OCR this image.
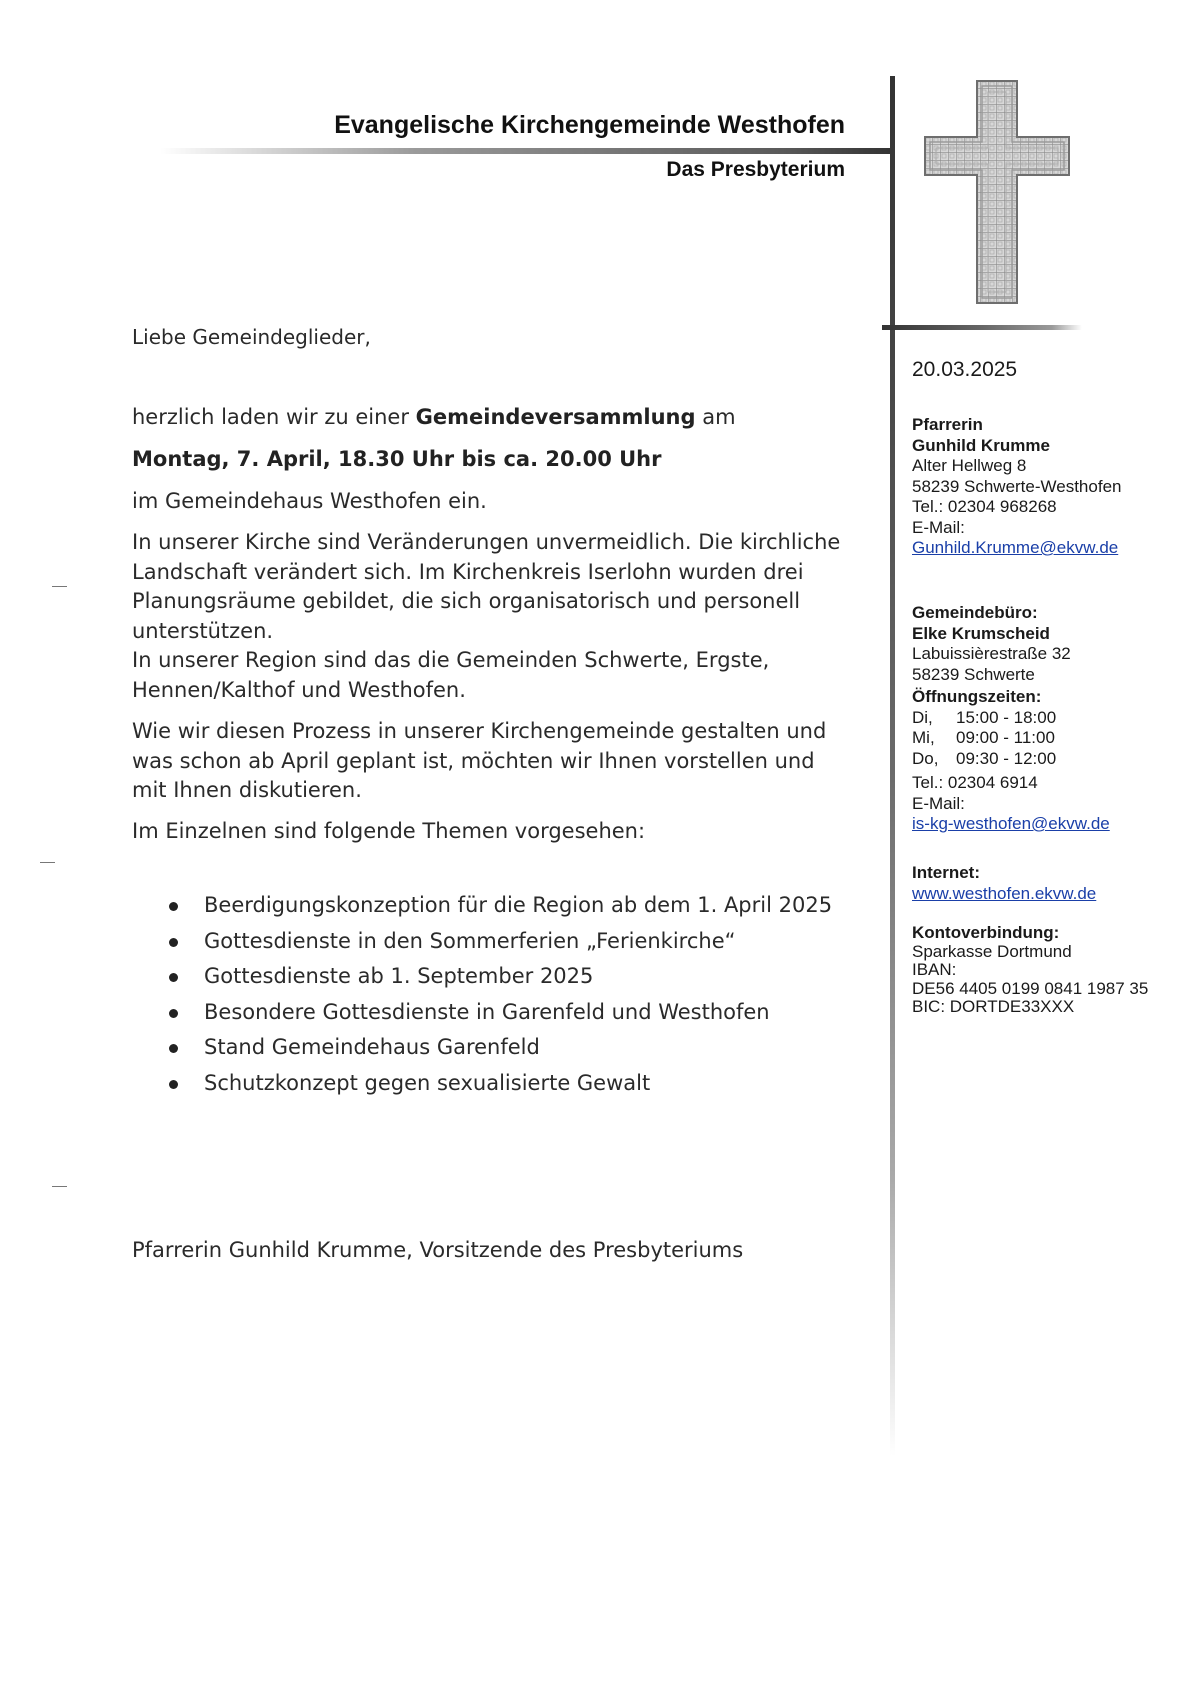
Evangelische Kirchengemeinde Westhofen
Das Presbyterium
Liebe Gemeindeglieder,
herzlich laden wir zu einer Gemeindeversammlung am
Montag, 7. April, 18.30 Uhr bis ca. 20.00 Uhr
im Gemeindehaus Westhofen ein.
In unserer Kirche sind Veränderungen unvermeidlich. Die kirchliche
Landschaft verändert sich. Im Kirchenkreis Iserlohn wurden drei
Planungsräume gebildet, die sich organisatorisch und personell
unterstützen.
In unserer Region sind das die Gemeinden Schwerte, Ergste,
Hennen/Kalthof und Westhofen.
Wie wir diesen Prozess in unserer Kirchengemeinde gestalten und
was schon ab April geplant ist, möchten wir Ihnen vorstellen und
mit Ihnen diskutieren.
Im Einzelnen sind folgende Themen vorgesehen:
Beerdigungskonzeption für die Region ab dem 1. April 2025
Gottesdienste in den Sommerferien „Ferienkirche“
Gottesdienste ab 1. September 2025
Besondere Gottesdienste in Garenfeld und Westhofen
Stand Gemeindehaus Garenfeld
Schutzkonzept gegen sexualisierte Gewalt
Pfarrerin Gunhild Krumme, Vorsitzende des Presbyteriums
20.03.2025
Pfarrerin
Gunhild Krumme
Alter Hellweg 8
58239 Schwerte-Westhofen
Tel.: 02304 968268
E-Mail:
Gunhild.Krumme@ekvw.de
Gemeindebüro:
Elke Krumscheid
Labuissièrestraße 32
58239 Schwerte
Öffnungszeiten:
Di, 15:00 - 18:00
Mi, 09:00 - 11:00
Do, 09:30 - 12:00
Tel.: 02304 6914
E-Mail:
is-kg-westhofen@ekvw.de
Internet:
www.westhofen.ekvw.de
Kontoverbindung:
Sparkasse Dortmund
IBAN:
DE56 4405 0199 0841 1987 35
BIC: DORTDE33XXX
